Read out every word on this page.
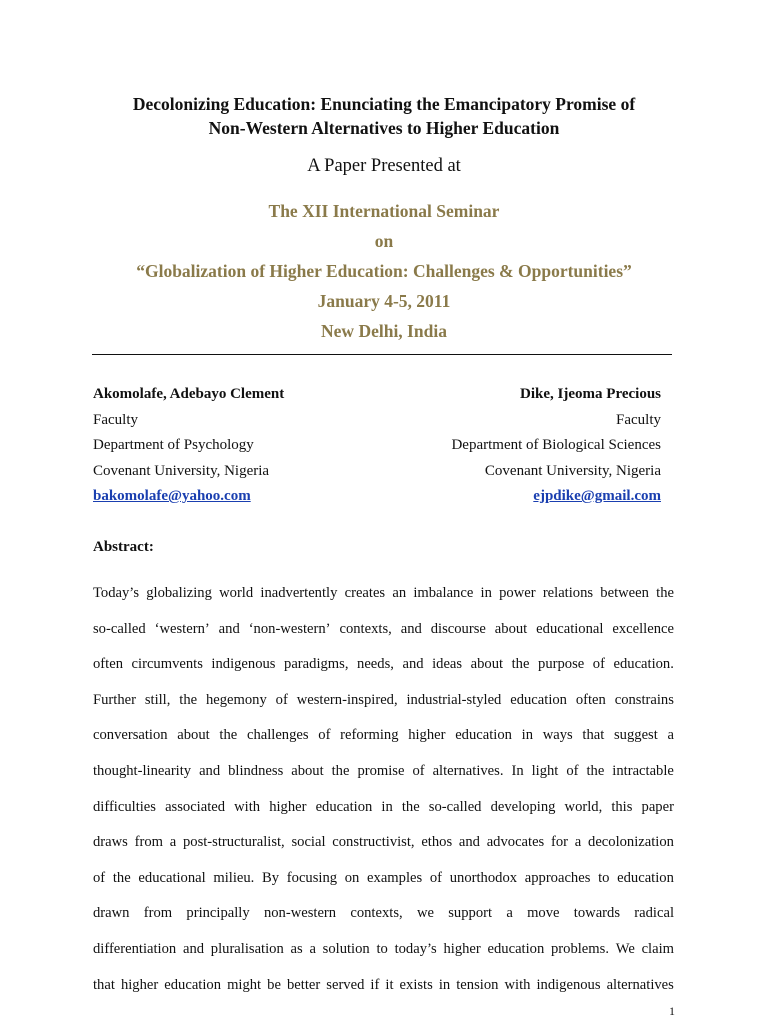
Decolonizing Education: Enunciating the Emancipatory Promise of
Non-Western Alternatives to Higher Education
A Paper Presented at
The XII International Seminar
on
“Globalization of Higher Education: Challenges & Opportunities”
January 4-5, 2011
New Delhi, India
Akomolafe, Adebayo Clement
Faculty
Department of Psychology
Covenant University, Nigeria
bakomolafe@yahoo.com
Dike, Ijeoma Precious
Faculty
Department of Biological Sciences
Covenant University, Nigeria
ejpdike@gmail.com
Abstract:
Today’s globalizing world inadvertently creates an imbalance in power relations between the
so-called ‘western’ and ‘non-western’ contexts, and discourse about educational excellence
often circumvents indigenous paradigms, needs, and ideas about the purpose of education.
Further still, the hegemony of western-inspired, industrial-styled education often constrains
conversation about the challenges of reforming higher education in ways that suggest a
thought-linearity and blindness about the promise of alternatives. In light of the intractable
difficulties associated with higher education in the so-called developing world, this paper
draws from a post-structuralist, social constructivist, ethos and advocates for a decolonization
of the educational milieu. By focusing on examples of unorthodox approaches to education
drawn from principally non-western contexts, we support a move towards radical
differentiation and pluralisation as a solution to today’s higher education problems. We claim
that higher education might be better served if it exists in tension with indigenous alternatives
1
